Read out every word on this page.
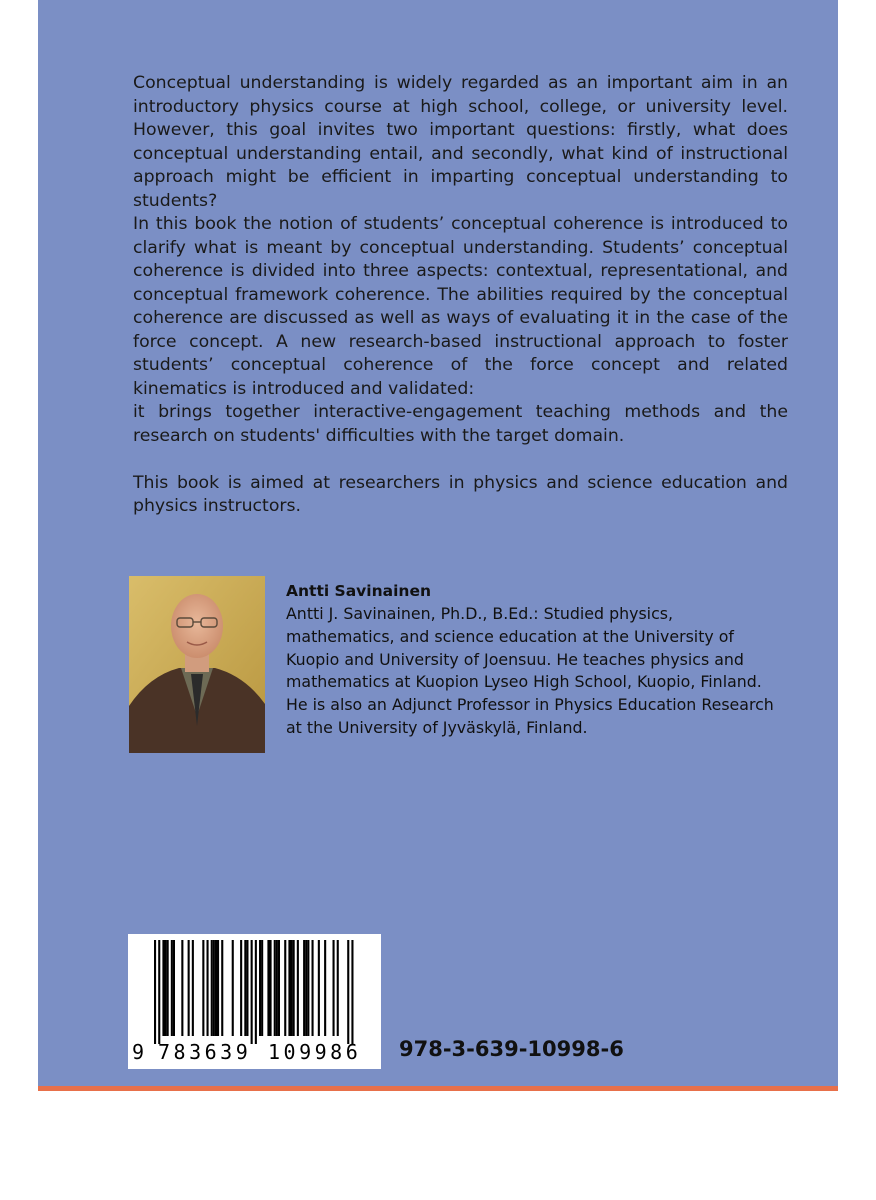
Conceptual understanding is widely regarded as an important aim in an introductory physics course at high school, college, or university level. However, this goal invites two important questions: firstly, what does conceptual understanding entail, and secondly, what kind of instructional approach might be efficient in imparting conceptual understanding to students?

In this book the notion of students’ conceptual coherence is introduced to clarify what is meant by conceptual understanding. Students’ conceptual coherence is divided into three aspects: contextual, representational, and conceptual framework coherence. The abilities required by the conceptual coherence are discussed as well as ways of evaluating it in the case of the force concept. A new research-based instructional approach to foster students’ conceptual coherence of the force concept and related kinematics is introduced and validated:

it brings together interactive-engagement teaching methods and the research on students' difficulties with the target domain.

This book is aimed at researchers in physics and science education and physics instructors.

Antti Savinainen
Antti J. Savinainen, Ph.D., B.Ed.: Studied physics, mathematics, and science education at the University of Kuopio and University of Joensuu. He teaches physics and mathematics at Kuopion Lyseo High School, Kuopio, Finland. He is also an Adjunct Professor in Physics Education Research at the University of Jyväskylä, Finland.
9 783639 109986 978-3-639-10998-6
